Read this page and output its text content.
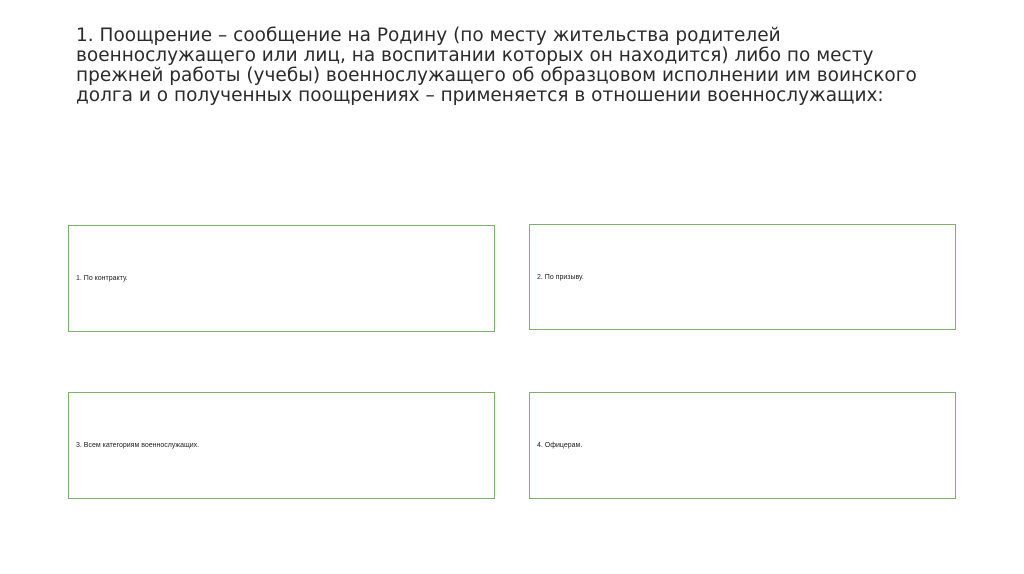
1. Поощрение – сообщение на Родину (по месту жительства родителей военнослужащего или лиц, на воспитании которых он находится) либо по месту прежней работы (учебы) военнослужащего об образцовом исполнении им воинского долга и о полученных поощрениях – применяется в отношении военнослужащих:

1. По контракту.	2. По призыву.
3. Всем категориям военнослужащих.	4. Офицерам.
